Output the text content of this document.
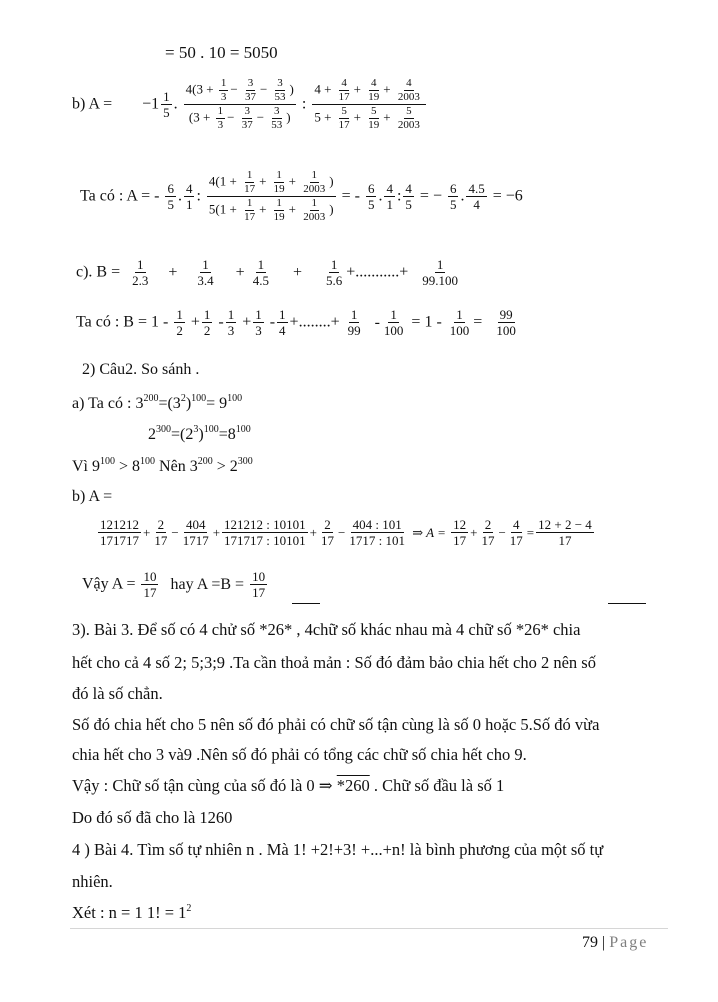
= 50 . 10 = 5050
b) $A = -1 \frac{1}{5}$ . $\frac{4(3 + \frac{1}{3} - \frac{3}{37} - \frac{3}{53} )}{(3 + \frac{1}{3} - \frac{3}{37} - \frac{3}{53} )}$ : $\frac{4 + \frac{4}{17} + \frac{4}{19} + \frac{4}{2003}}{5 + \frac{5}{17} + \frac{5}{19} + \frac{5}{2003}}$
Ta có : A = - $\frac{6}{5}$ . $\frac{4}{1}$ : $\frac{4(1 + \frac{1}{17} + \frac{1}{19} + \frac{1}{2003} )}{5(1 + \frac{1}{17} + \frac{1}{19} + \frac{1}{2003} )}$ = - $\frac{6}{5}$ . $\frac{4}{1}$ : $\frac{4}{5}$ = − $\frac{6}{5}$ . $\frac{4.5}{4} = -6$
c). $B = \frac{1}{2.3} + \frac{1}{3.4} + \frac{1}{4.5} + \frac{1}{5.6}$ +...........+ $\frac{1}{99.100}$
Ta có : $B = 1 - \frac{1}{2} + \frac{1}{2} - \frac{1}{3} + \frac{1}{3} - \frac{1}{4}$ +........+ $\frac{1}{99} - \frac{1}{100} = 1 - \frac{1}{100} = \frac{99}{100}$
2) Câu2. So sánh .
a) Ta có : $3^{200}=(3^2)^{100}= 9^{100}$
$2^{300}=(2^3)^{100}=8^{100}$
Vì $9^{100} > 8^{100}$ Nên $3^{200} > 2^{300}$
b) A =
$\frac{121212}{171717} + \frac{2}{17} - \frac{404}{1717} + \frac{121212 : 10101}{171717 : 10101} + \frac{2}{17} - \frac{404 : 101}{1717 : 101}$ ⇒ $A = \frac{12}{17} + \frac{2}{17} - \frac{4}{17} = \frac{12 + 2 - 4}{17}$
Vậy $A = \frac{10}{17}$ hay $A =B = \frac{10}{17}$
3). Bài 3. Để số có 4 chử số *26* , 4chữ số khác nhau mà 4 chữ số *26* chia
hết cho cả 4 số 2; 5;3;9 .Ta cần thoả mản : Số đó đảm bảo chia hết cho 2 nên số
đó là số chẳn.
Số đó chia hết cho 5 nên số đó phải có chữ số tận cùng là số 0 hoặc 5.Số đó vừa
chia hết cho 3 và9 .Nên số đó phải có tổng các chữ số chia hết cho 9.
Vậy : Chữ số tận cùng của số đó là 0 ⇒ *260 . Chữ số đầu là số 1
Do đó số đã cho là 1260
4 ) Bài 4. Tìm số tự nhiên n . Mà 1! +2!+3! +...+n! là bình phương của một số tự
nhiên.
Xét : n = 1 1! = $1^2$
79 | Page
